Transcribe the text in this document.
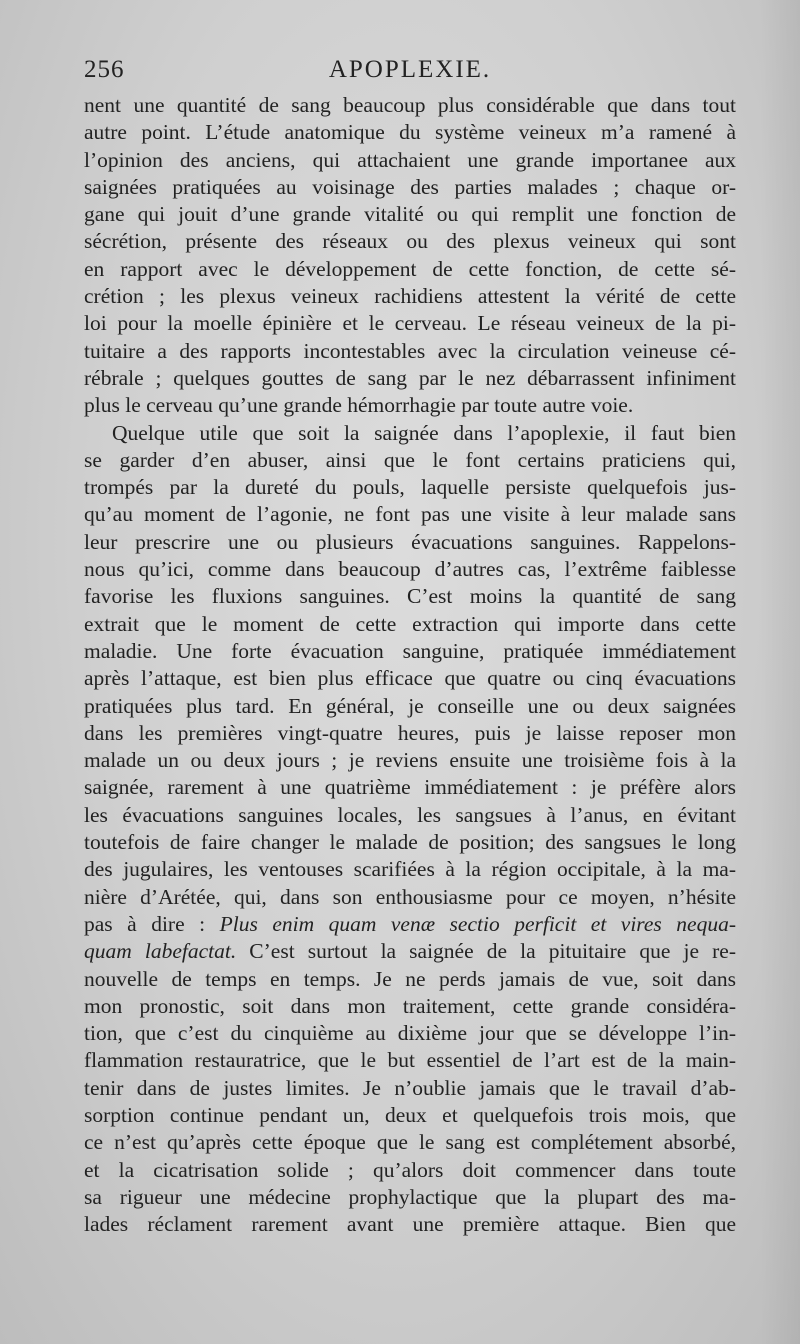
256	APOPLEXIE.
nent une quantité de sang beaucoup plus considérable que dans tout
autre point. L’étude anatomique du système veineux m’a ramené à
l’opinion des anciens, qui attachaient une grande importanee aux
saignées pratiquées au voisinage des parties malades ; chaque or-
gane qui jouit d’une grande vitalité ou qui remplit une fonction de
sécrétion, présente des réseaux ou des plexus veineux qui sont
en rapport avec le développement de cette fonction, de cette sé-
crétion ; les plexus veineux rachidiens attestent la vérité de cette
loi pour la moelle épinière et le cerveau. Le réseau veineux de la pi-
tuitaire a des rapports incontestables avec la circulation veineuse cé-
rébrale ; quelques gouttes de sang par le nez débarrassent infiniment
plus le cerveau qu’une grande hémorrhagie par toute autre voie.
Quelque utile que soit la saignée dans l’apoplexie, il faut bien
se garder d’en abuser, ainsi que le font certains praticiens qui,
trompés par la dureté du pouls, laquelle persiste quelquefois jus-
qu’au moment de l’agonie, ne font pas une visite à leur malade sans
leur prescrire une ou plusieurs évacuations sanguines. Rappelons-
nous qu’ici, comme dans beaucoup d’autres cas, l’extrême faiblesse
favorise les fluxions sanguines. C’est moins la quantité de sang
extrait que le moment de cette extraction qui importe dans cette
maladie. Une forte évacuation sanguine, pratiquée immédiatement
après l’attaque, est bien plus efficace que quatre ou cinq évacuations
pratiquées plus tard. En général, je conseille une ou deux saignées
dans les premières vingt-quatre heures, puis je laisse reposer mon
malade un ou deux jours ; je reviens ensuite une troisième fois à la
saignée, rarement à une quatrième immédiatement : je préfère alors
les évacuations sanguines locales, les sangsues à l’anus, en évitant
toutefois de faire changer le malade de position; des sangsues le long
des jugulaires, les ventouses scarifiées à la région occipitale, à la ma-
nière d’Arétée, qui, dans son enthousiasme pour ce moyen, n’hésite
pas à dire : Plus enim quam venæ sectio perficit et vires nequa-
quam labefactat. C’est surtout la saignée de la pituitaire que je re-
nouvelle de temps en temps. Je ne perds jamais de vue, soit dans
mon pronostic, soit dans mon traitement, cette grande considéra-
tion, que c’est du cinquième au dixième jour que se développe l’in-
flammation restauratrice, que le but essentiel de l’art est de la main-
tenir dans de justes limites. Je n’oublie jamais que le travail d’ab-
sorption continue pendant un, deux et quelquefois trois mois, que
ce n’est qu’après cette époque que le sang est complétement absorbé,
et la cicatrisation solide ; qu’alors doit commencer dans toute
sa rigueur une médecine prophylactique que la plupart des ma-
lades réclament rarement avant une première attaque. Bien que
